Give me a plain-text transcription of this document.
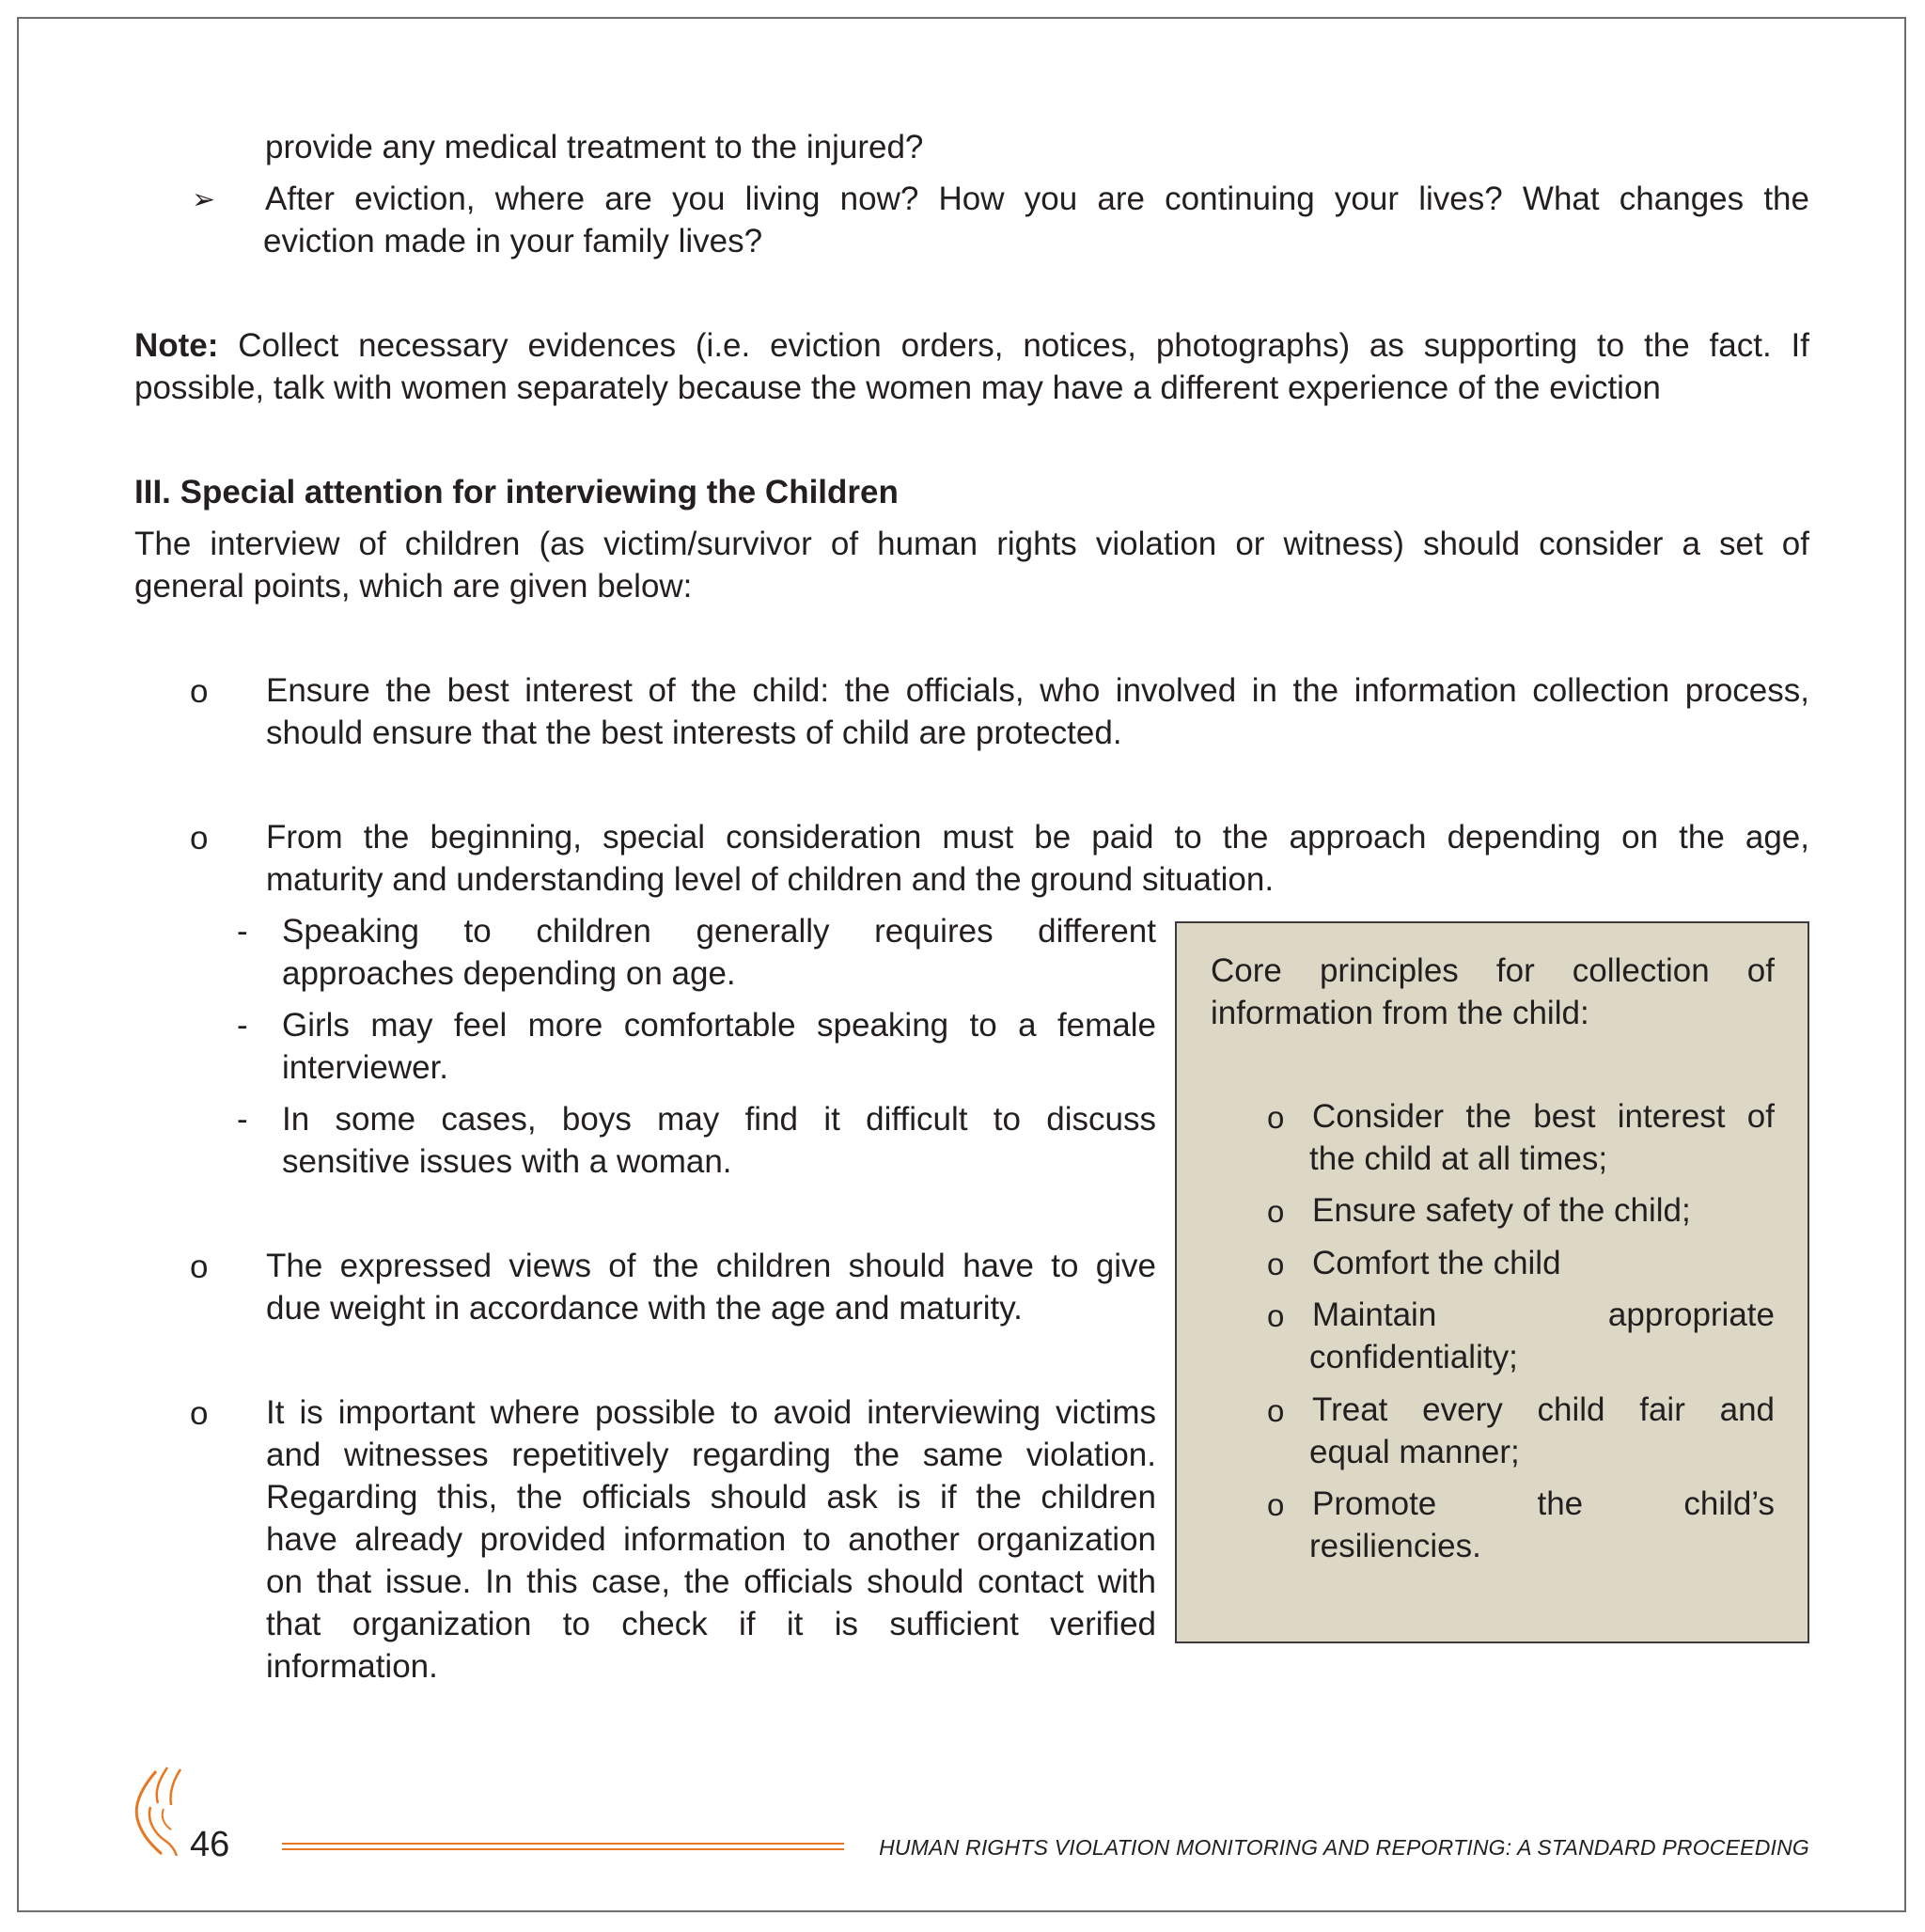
provide any medical treatment to the injured?
➢ After eviction, where are you living now? How you are continuing your lives? What changes the
eviction made in your family lives?
Note: Collect necessary evidences (i.e. eviction orders, notices, photographs) as supporting to the fact. If
possible, talk with women separately because the women may have a different experience of the eviction
III. Special attention for interviewing the Children
The interview of children (as victim/survivor of human rights violation or witness) should consider a set of
general points, which are given below:
o Ensure the best interest of the child: the officials, who involved in the information collection process,
should ensure that the best interests of child are protected.
o From the beginning, special consideration must be paid to the approach depending on the age,
maturity and understanding level of children and the ground situation.
- Speaking to children generally requires different
approaches depending on age.
- Girls may feel more comfortable speaking to a female
interviewer.
- In some cases, boys may find it difficult to discuss
sensitive issues with a woman.
o The expressed views of the children should have to give
due weight in accordance with the age and maturity.
o It is important where possible to avoid interviewing victims
and witnesses repetitively regarding the same violation.
Regarding this, the officials should ask is if the children
have already provided information to another organization
on that issue. In this case, the officials should contact with
that organization to check if it is sufficient verified
information.
Core principles for collection of
information from the child:
o Consider the best interest of
the child at all times;
o Ensure safety of the child;
o Comfort the child
o Maintain appropriate
confidentiality;
o Treat every child fair and
equal manner;
o Promote the child’s
resiliencies.
46	HUMAN RIGHTS VIOLATION MONITORING AND REPORTING: A STANDARD PROCEEDING
